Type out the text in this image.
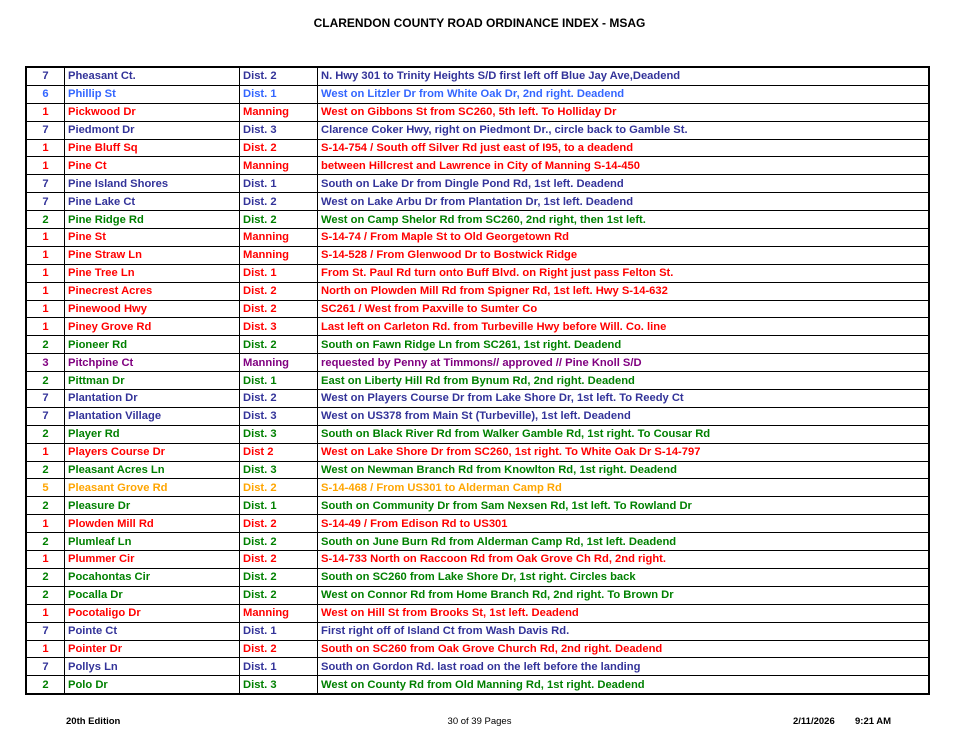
CLARENDON COUNTY ROAD ORDINANCE INDEX - MSAG
7	Pheasant Ct.	Dist. 2	N. Hwy 301 to Trinity Heights S/D first left off Blue Jay Ave,Deadend
6	Phillip St	Dist. 1	West on Litzler Dr from White Oak Dr, 2nd right. Deadend
1	Pickwood Dr	Manning	West on Gibbons St from SC260, 5th left. To Holliday Dr
7	Piedmont Dr	Dist. 3	Clarence Coker Hwy, right on Piedmont Dr., circle back to Gamble St.
1	Pine Bluff Sq	Dist. 2	S-14-754 / South off Silver Rd just east of I95, to a deadend
1	Pine Ct	Manning	between Hillcrest and Lawrence in City of Manning S-14-450
7	Pine Island Shores	Dist. 1	South on Lake Dr from Dingle Pond Rd, 1st left. Deadend
7	Pine Lake Ct	Dist. 2	West on Lake Arbu Dr from Plantation Dr, 1st left. Deadend
2	Pine Ridge Rd	Dist. 2	West on Camp Shelor Rd from SC260, 2nd right, then 1st left.
1	Pine St	Manning	S-14-74 / From Maple St to Old Georgetown Rd
1	Pine Straw Ln	Manning	S-14-528 / From Glenwood Dr to Bostwick Ridge
1	Pine Tree Ln	Dist. 1	From St. Paul Rd turn onto Buff Blvd. on Right just pass Felton St.
1	Pinecrest Acres	Dist. 2	North on Plowden Mill Rd from Spigner Rd, 1st left. Hwy S-14-632
1	Pinewood Hwy	Dist. 2	SC261 / West from Paxville to Sumter Co
1	Piney Grove Rd	Dist. 3	Last left on Carleton Rd. from Turbeville Hwy before Will. Co. line
2	Pioneer Rd	Dist. 2	South on Fawn Ridge Ln from SC261, 1st right. Deadend
3	Pitchpine Ct	Manning	requested by Penny at Timmons// approved // Pine Knoll S/D
2	Pittman Dr	Dist. 1	East on Liberty Hill Rd from Bynum Rd, 2nd right. Deadend
7	Plantation Dr	Dist. 2	West on Players Course Dr from Lake Shore Dr, 1st left. To Reedy Ct
7	Plantation Village	Dist. 3	West on US378 from Main St (Turbeville), 1st left. Deadend
2	Player Rd	Dist. 3	South on Black River Rd from Walker Gamble Rd, 1st right. To Cousar Rd
1	Players Course Dr	Dist 2	West on Lake Shore Dr from SC260, 1st right. To White Oak Dr S-14-797
2	Pleasant Acres Ln	Dist. 3	West on Newman Branch Rd from Knowlton Rd, 1st right. Deadend
5	Pleasant Grove Rd	Dist. 2	S-14-468 / From US301 to Alderman Camp Rd
2	Pleasure Dr	Dist. 1	South on Community Dr from Sam Nexsen Rd, 1st left. To Rowland Dr
1	Plowden Mill Rd	Dist. 2	S-14-49 / From Edison Rd to US301
2	Plumleaf Ln	Dist. 2	South on June Burn Rd from Alderman Camp Rd, 1st left. Deadend
1	Plummer Cir	Dist. 2	S-14-733 North on Raccoon Rd from Oak Grove Ch Rd, 2nd right.
2	Pocahontas Cir	Dist. 2	South on SC260 from Lake Shore Dr, 1st right. Circles back
2	Pocalla Dr	Dist. 2	West on Connor Rd from Home Branch Rd, 2nd right. To Brown Dr
1	Pocotaligo Dr	Manning	West on Hill St from Brooks St, 1st left. Deadend
7	Pointe Ct	Dist. 1	First right off of Island Ct from Wash Davis Rd.
1	Pointer Dr	Dist. 2	South on SC260 from Oak Grove Church Rd, 2nd right. Deadend
7	Pollys Ln	Dist. 1	South on Gordon Rd. last road on the left before the landing
2	Polo Dr	Dist. 3	West on County Rd from Old Manning Rd, 1st right. Deadend
20th Edition	30 of 39 Pages	2/11/2026 9:21 AM
